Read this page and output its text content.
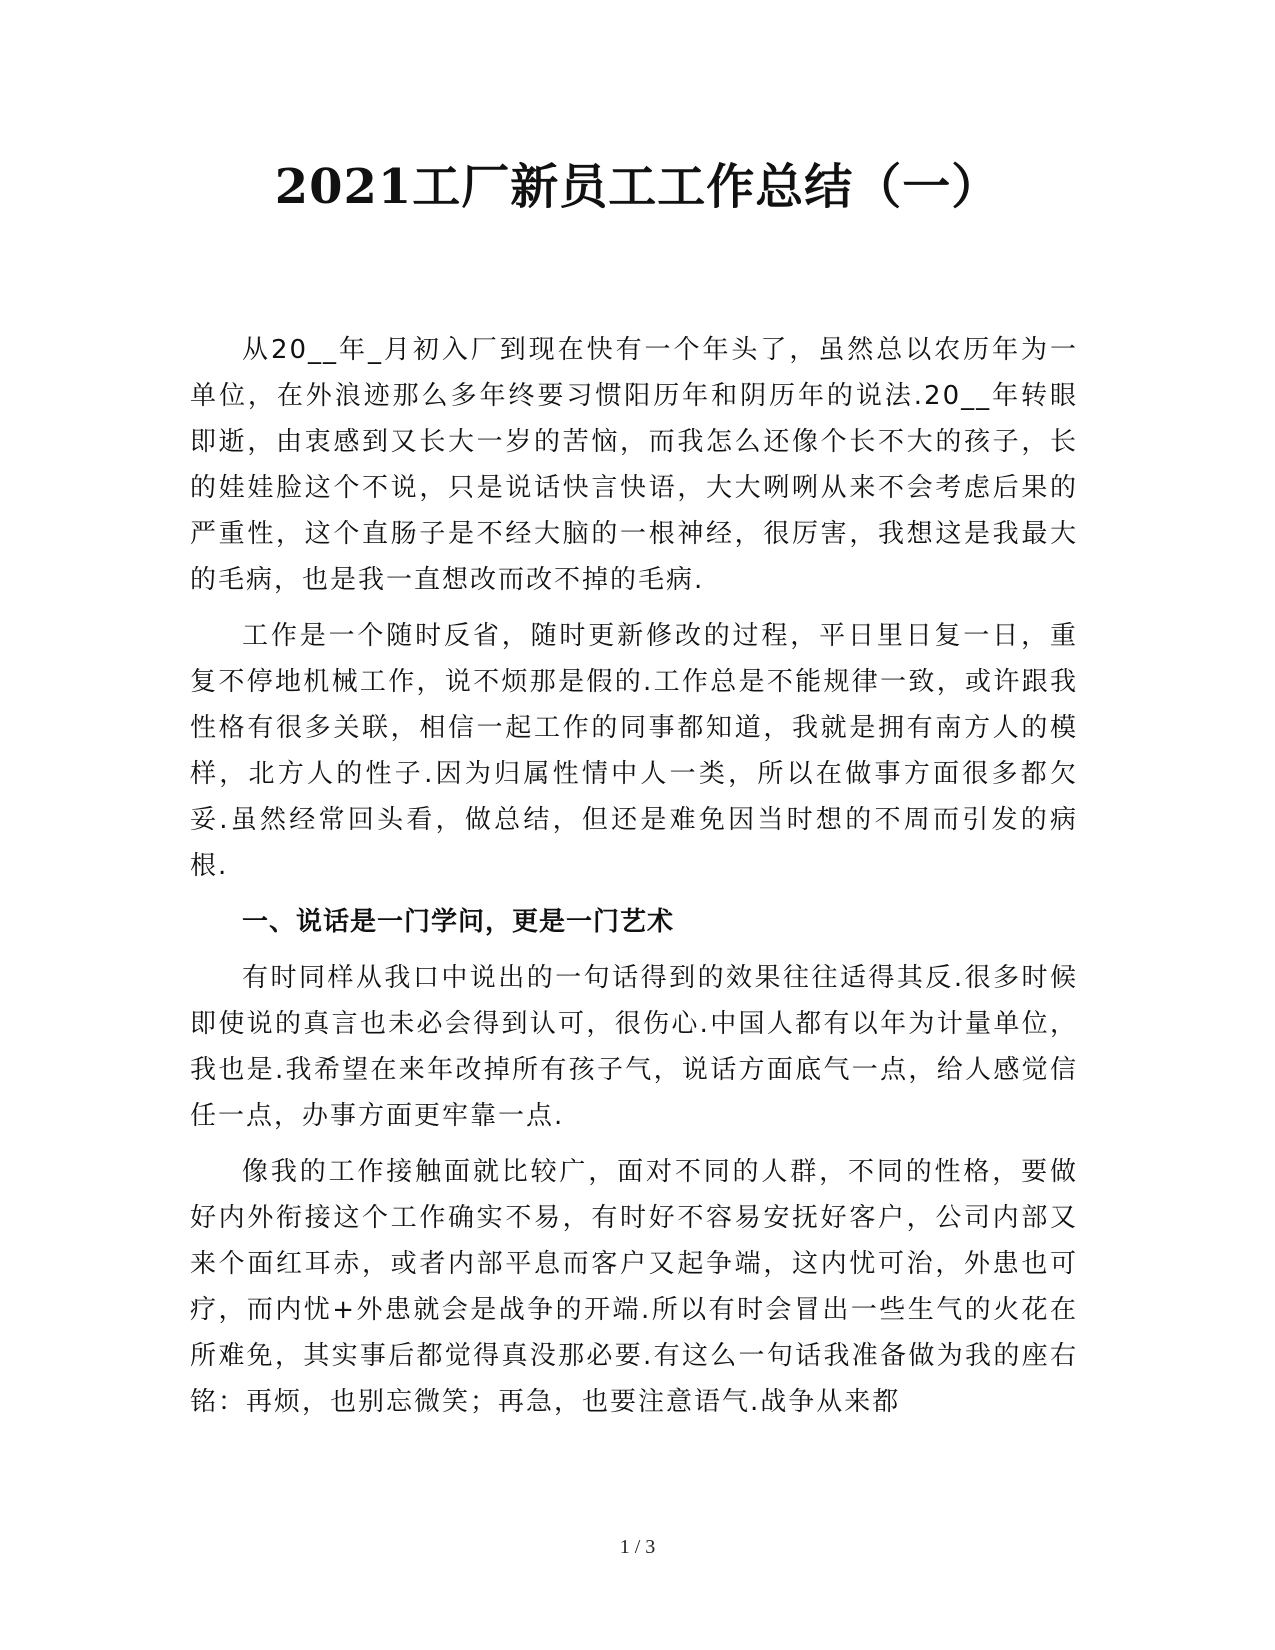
2021工厂新员工工作总结（一）

从20__年_月初入厂到现在快有一个年头了，虽然总以农历年为一单位，在外浪迹那么多年终要习惯阳历年和阴历年的说法.20__年转眼即逝，由衷感到又长大一岁的苦恼，而我怎么还像个长不大的孩子，长的娃娃脸这个不说，只是说话快言快语，大大咧咧从来不会考虑后果的严重性，这个直肠子是不经大脑的一根神经，很厉害，我想这是我最大的毛病，也是我一直想改而改不掉的毛病.

工作是一个随时反省，随时更新修改的过程，平日里日复一日，重复不停地机械工作，说不烦那是假的.工作总是不能规律一致，或许跟我性格有很多关联，相信一起工作的同事都知道，我就是拥有南方人的模样，北方人的性子.因为归属性情中人一类，所以在做事方面很多都欠妥.虽然经常回头看，做总结，但还是难免因当时想的不周而引发的病根.

一、说话是一门学问，更是一门艺术

有时同样从我口中说出的一句话得到的效果往往适得其反.很多时候即使说的真言也未必会得到认可，很伤心.中国人都有以年为计量单位，我也是.我希望在来年改掉所有孩子气，说话方面底气一点，给人感觉信任一点，办事方面更牢靠一点.

像我的工作接触面就比较广，面对不同的人群，不同的性格，要做好内外衔接这个工作确实不易，有时好不容易安抚好客户，公司内部又来个面红耳赤，或者内部平息而客户又起争端，这内忧可治，外患也可疗，而内忧+外患就会是战争的开端.所以有时会冒出一些生气的火花在所难免，其实事后都觉得真没那必要.有这么一句话我准备做为我的座右铭：再烦，也别忘微笑；再急，也要注意语气.战争从来都

1 / 3
